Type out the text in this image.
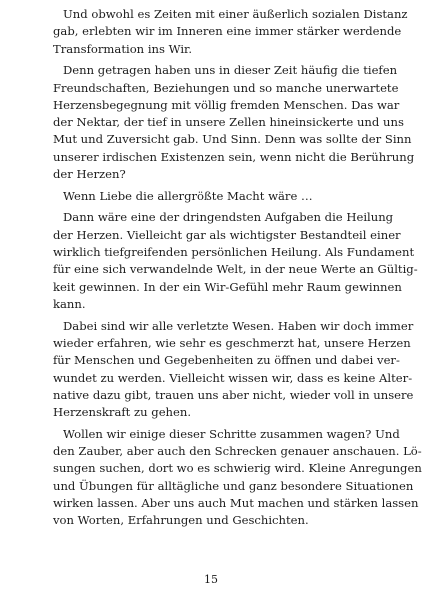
Und obwohl es Zeiten mit einer äußerlich sozialen Distanz
gab, erlebten wir im Inneren eine immer stärker werdende
Transformation ins Wir.
Denn getragen haben uns in dieser Zeit häufig die tiefen
Freundschaften, Beziehungen und so manche unerwartete
Herzensbegegnung mit völlig fremden Menschen. Das war
der Nektar, der tief in unsere Zellen hineinsickerte und uns
Mut und Zuversicht gab. Und Sinn. Denn was sollte der Sinn
unserer irdischen Existenzen sein, wenn nicht die Berührung
der Herzen?
Wenn Liebe die allergrößte Macht wäre …
Dann wäre eine der dringendsten Aufgaben die Heilung
der Herzen. Vielleicht gar als wichtigster Bestandteil einer
wirklich tiefgreifenden persönlichen Heilung. Als Fundament
für eine sich verwandelnde Welt, in der neue Werte an Gültig-
keit gewinnen. In der ein Wir-Gefühl mehr Raum gewinnen
kann.
Dabei sind wir alle verletzte Wesen. Haben wir doch immer
wieder erfahren, wie sehr es geschmerzt hat, unsere Herzen
für Menschen und Gegebenheiten zu öffnen und dabei ver-
wundet zu werden. Vielleicht wissen wir, dass es keine Alter-
native dazu gibt, trauen uns aber nicht, wieder voll in unsere
Herzenskraft zu gehen.
Wollen wir einige dieser Schritte zusammen wagen? Und
den Zauber, aber auch den Schrecken genauer anschauen. Lö-
sungen suchen, dort wo es schwierig wird. Kleine Anregungen
und Übungen für alltägliche und ganz besondere Situationen
wirken lassen. Aber uns auch Mut machen und stärken lassen
von Worten, Erfahrungen und Geschichten.
15
